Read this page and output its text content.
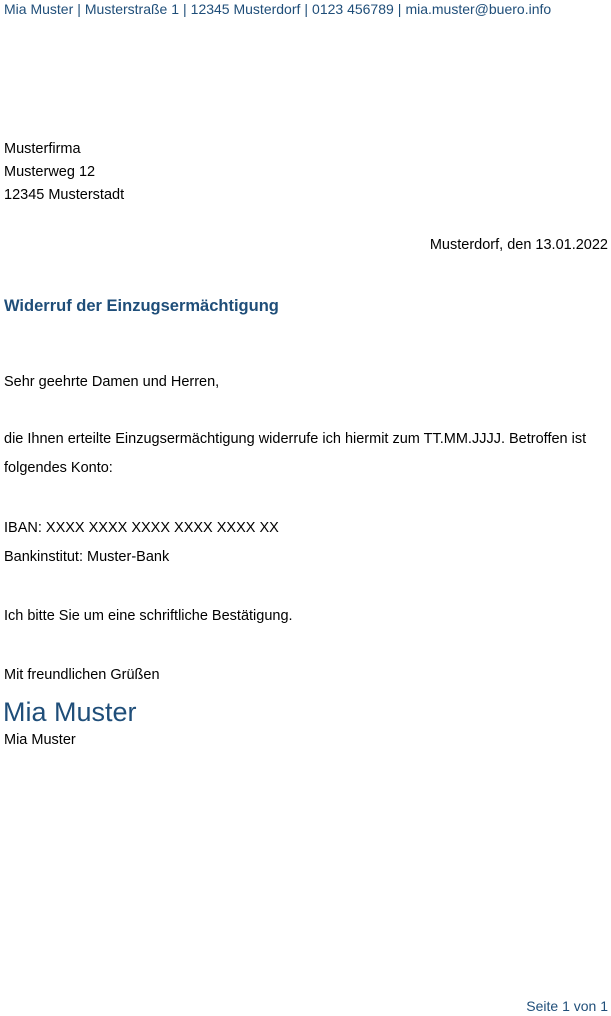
Mia Muster | Musterstraße 1 | 12345 Musterdorf | 0123 456789 | mia.muster@buero.info
Musterfirma
Musterweg 12
12345 Musterstadt
Musterdorf, den 13.01.2022
Widerruf der Einzugsermächtigung
Sehr geehrte Damen und Herren,
die Ihnen erteilte Einzugsermächtigung widerrufe ich hiermit zum TT.MM.JJJJ. Betroffen ist folgendes Konto:
IBAN: XXXX XXXX XXXX XXXX XXXX XX
Bankinstitut: Muster-Bank
Ich bitte Sie um eine schriftliche Bestätigung.
Mit freundlichen Grüßen
Mia Muster
Mia Muster
Seite 1 von 1
